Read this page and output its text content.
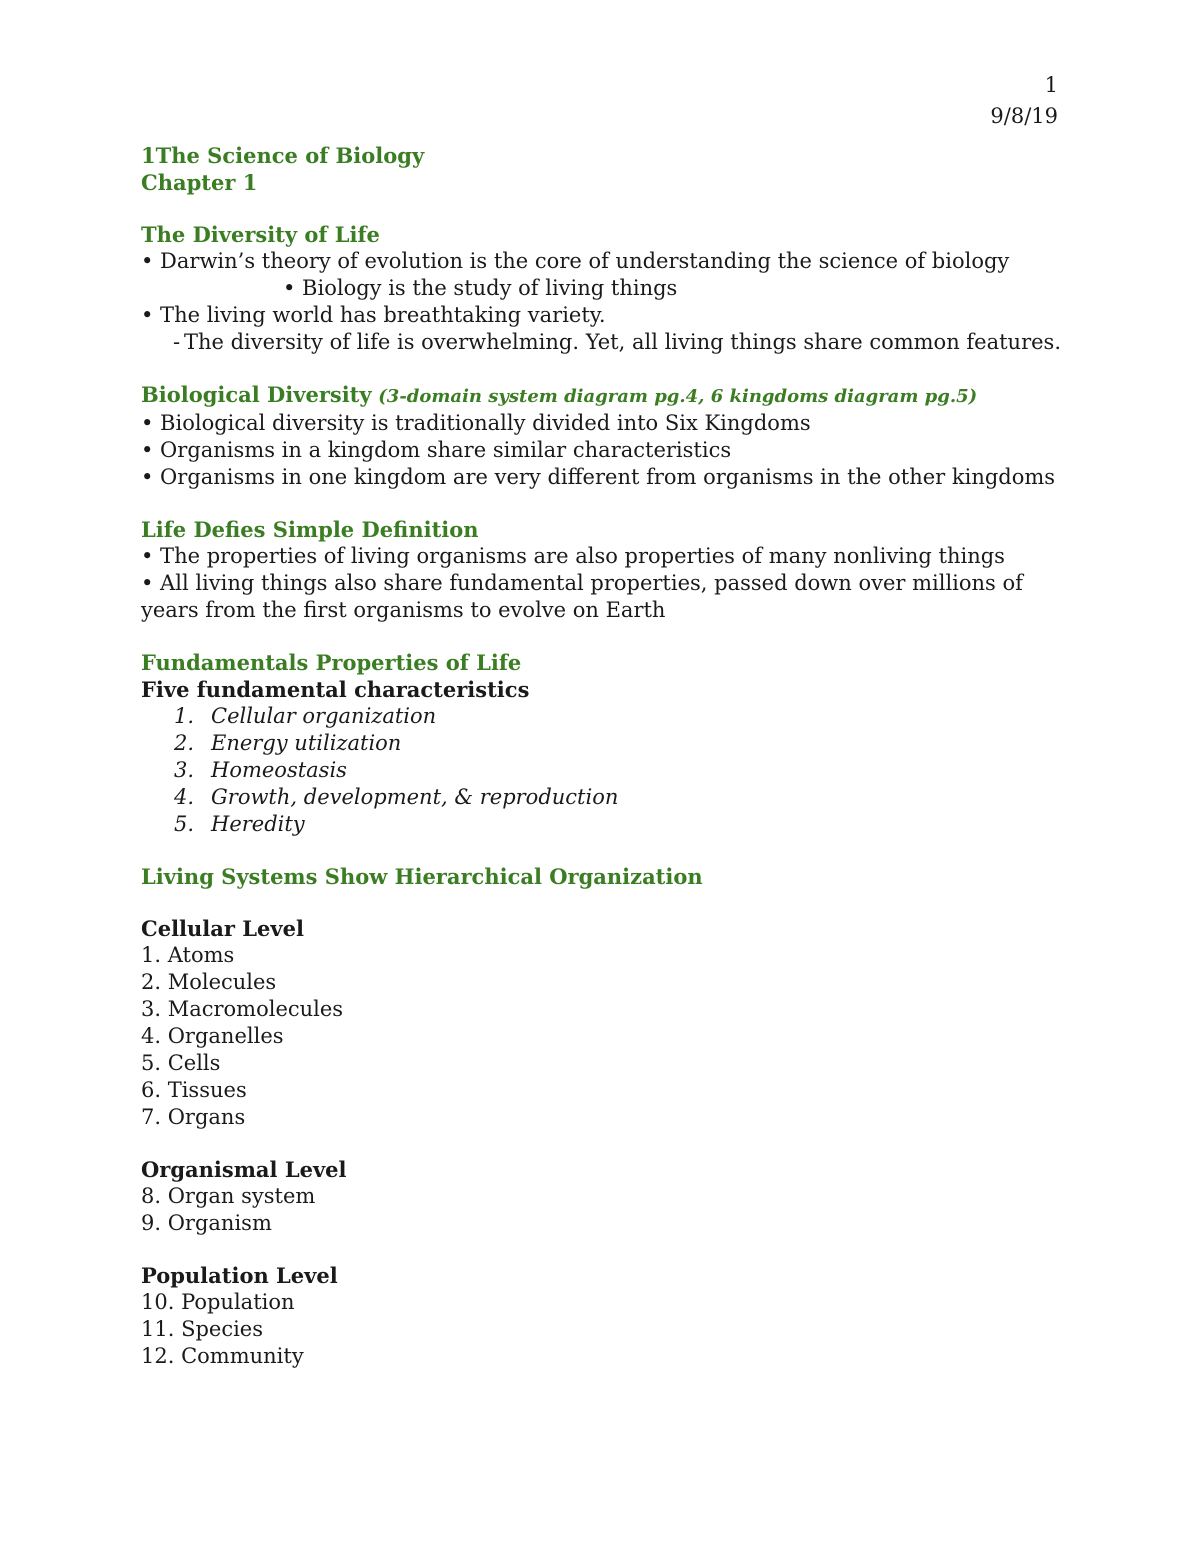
1
9/8/19
1The Science of Biology
Chapter 1
The Diversity of Life
• Darwin’s theory of evolution is the core of understanding the science of biology
• Biology is the study of living things
• The living world has breathtaking variety.
- The diversity of life is overwhelming. Yet, all living things share common features.
Biological Diversity (3-domain system diagram pg.4, 6 kingdoms diagram pg.5)
• Biological diversity is traditionally divided into Six Kingdoms
• Organisms in a kingdom share similar characteristics
• Organisms in one kingdom are very different from organisms in the other kingdoms
Life Defies Simple Definition
• The properties of living organisms are also properties of many nonliving things
• All living things also share fundamental properties, passed down over millions of years from the first organisms to evolve on Earth
Fundamentals Properties of Life
Five fundamental characteristics
1. Cellular organization
2. Energy utilization
3. Homeostasis
4. Growth, development, & reproduction
5. Heredity
Living Systems Show Hierarchical Organization
Cellular Level
1. Atoms
2. Molecules
3. Macromolecules
4. Organelles
5. Cells
6. Tissues
7. Organs
Organismal Level
8. Organ system
9. Organism
Population Level
10. Population
11. Species
12. Community
